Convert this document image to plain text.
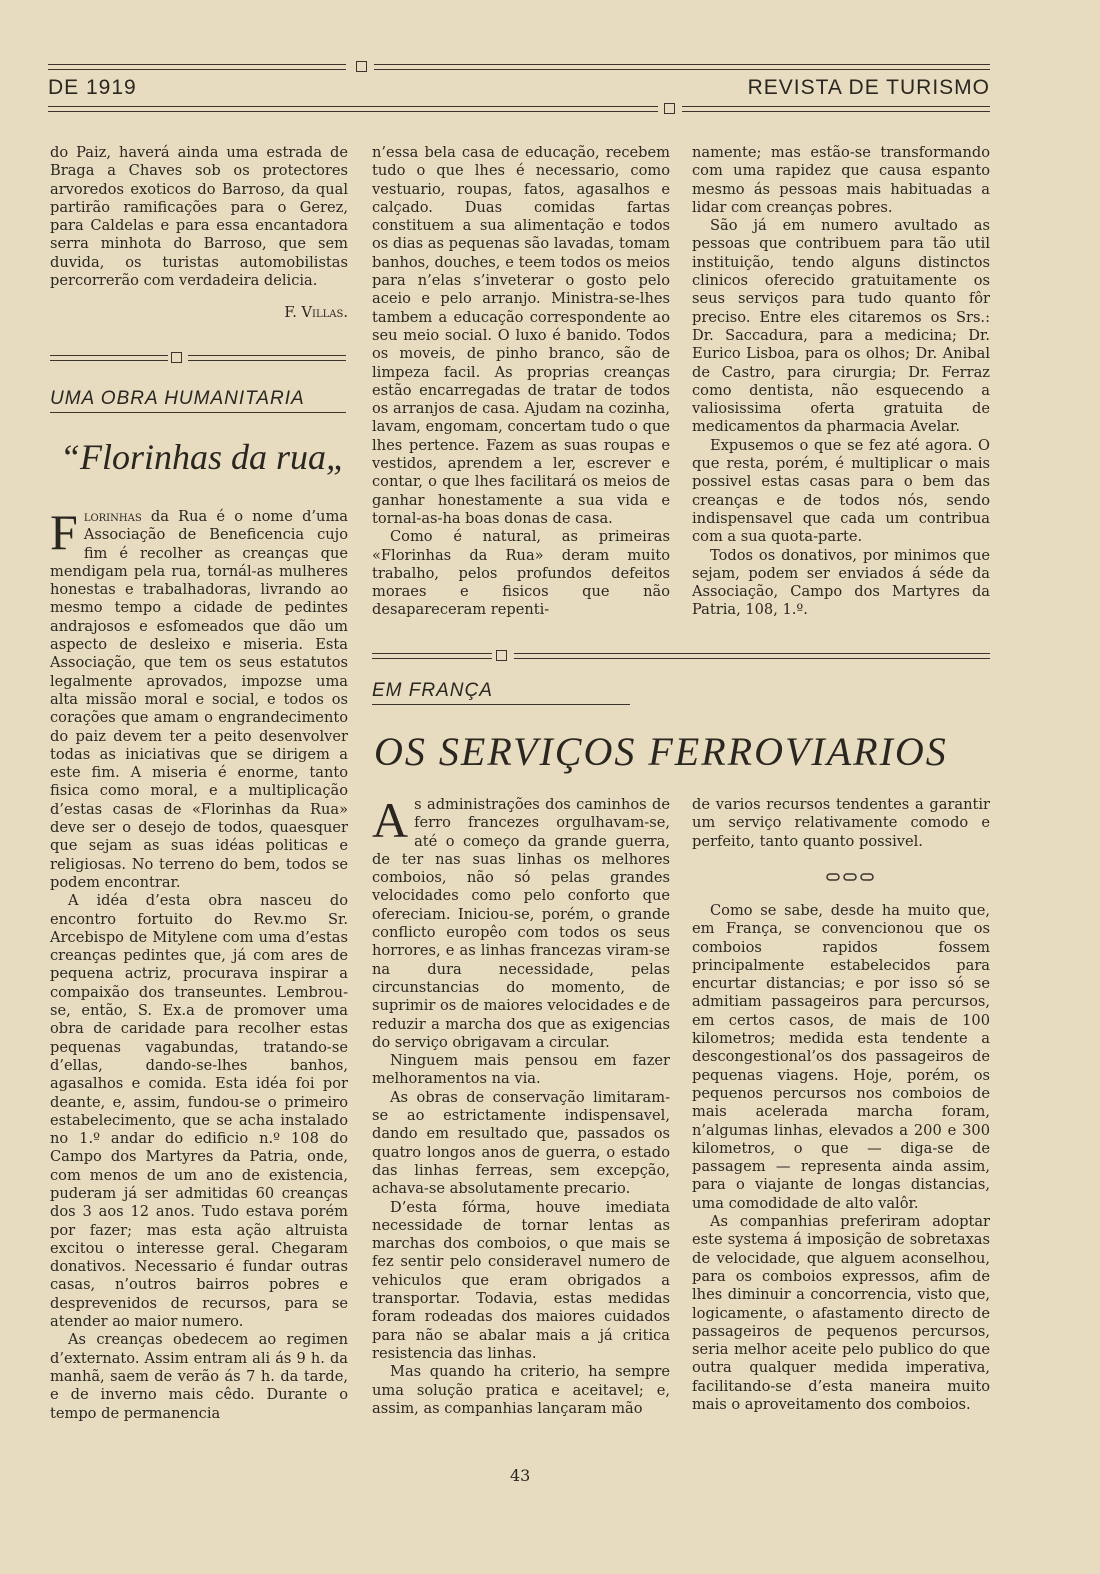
DE 1919	REVISTA DE TURISMO

do Paiz, haverá ainda uma estrada de Braga a Chaves sob os protectores arvoredos exoticos do Barroso, da qual partirão ramificações para o Gerez, para Caldelas e para essa encantadora serra minhota do Barroso, que sem duvida, os turistas automobilistas percorrerão com verdadeira delicia.

F. Villas.

UMA OBRA HUMANITARIA
“Florinhas da rua„

Florinhas da Rua é o nome d’uma Associação de Beneficencia cujo fim é recolher as creanças que mendigam pela rua, tornál-as mulheres honestas e trabalhadoras, livrando ao mesmo tempo a cidade de pedintes andrajosos e esfomeados que dão um aspecto de desleixo e miseria. Esta Associação, que tem os seus estatutos legalmente aprovados, impozse uma alta missão moral e social, e todos os corações que amam o engrandecimento do paiz devem ter a peito desenvolver todas as iniciativas que se dirigem a este fim. A miseria é enorme, tanto fisica como moral, e a multiplicação d’estas casas de «Florinhas da Rua» deve ser o desejo de todos, quaesquer que sejam as suas idéas politicas e religiosas. No terreno do bem, todos se podem encontrar.

A idéa d’esta obra nasceu do encontro fortuito do Rev.mo Sr. Arcebispo de Mitylene com uma d’estas creanças pedintes que, já com ares de pequena actriz, procurava inspirar a compaixão dos transeuntes. Lembrou-se, então, S. Ex.a de promover uma obra de caridade para recolher estas pequenas vagabundas, tratando-se d’ellas, dando-se-lhes banhos, agasalhos e comida. Esta idéa foi por deante, e, assim, fundou-se o primeiro estabelecimento, que se acha instalado no 1.º andar do edificio n.º 108 do Campo dos Martyres da Patria, onde, com menos de um ano de existencia, puderam já ser admitidas 60 creanças dos 3 aos 12 anos. Tudo estava porém por fazer; mas esta ação altruista excitou o interesse geral. Chegaram donativos. Necessario é fundar outras casas, n’outros bairros pobres e desprevenidos de recursos, para se atender ao maior numero.

As creanças obedecem ao regimen d’externato. Assim entram ali ás 9 h. da manhã, saem de verão ás 7 h. da tarde, e de inverno mais cêdo. Durante o tempo de permanencia

n’essa bela casa de educação, recebem tudo o que lhes é necessario, como vestuario, roupas, fatos, agasalhos e calçado. Duas comidas fartas constituem a sua alimentação e todos os dias as pequenas são lavadas, tomam banhos, douches, e teem todos os meios para n’elas s’inveterar o gosto pelo aceio e pelo arranjo. Ministra-se-lhes tambem a educação correspondente ao seu meio social. O luxo é banido. Todos os moveis, de pinho branco, são de limpeza facil. As proprias creanças estão encarregadas de tratar de todos os arranjos de casa. Ajudam na cozinha, lavam, engomam, concertam tudo o que lhes pertence. Fazem as suas roupas e vestidos, aprendem a ler, escrever e contar, o que lhes facilitará os meios de ganhar honestamente a sua vida e tornal-as-ha boas donas de casa.

Como é natural, as primeiras «Florinhas da Rua» deram muito trabalho, pelos profundos defeitos moraes e fisicos que não desapareceram repenti-

namente; mas estão-se transformando com uma rapidez que causa espanto mesmo ás pessoas mais habituadas a lidar com creanças pobres.

São já em numero avultado as pessoas que contribuem para tão util instituição, tendo alguns distinctos clinicos oferecido gratuitamente os seus serviços para tudo quanto fôr preciso. Entre eles citaremos os Srs.: Dr. Saccadura, para a medicina; Dr. Eurico Lisboa, para os olhos; Dr. Anibal de Castro, para cirurgia; Dr. Ferraz como dentista, não esquecendo a valiosissima oferta gratuita de medicamentos da pharmacia Avelar.

Expusemos o que se fez até agora. O que resta, porém, é multiplicar o mais possivel estas casas para o bem das creanças e de todos nós, sendo indispensavel que cada um contribua com a sua quota-parte.

Todos os donativos, por minimos que sejam, podem ser enviados á séde da Associação, Campo dos Martyres da Patria, 108, 1.º.

EM FRANÇA
OS SERVIÇOS FERROVIARIOS

As administrações dos caminhos de ferro francezes orgulhavam-se, até o começo da grande guerra, de ter nas suas linhas os melhores comboios, não só pelas grandes velocidades como pelo conforto que ofereciam. Iniciou-se, porém, o grande conflicto europêo com todos os seus horrores, e as linhas francezas viram-se na dura necessidade, pelas circunstancias do momento, de suprimir os de maiores velocidades e de reduzir a marcha dos que as exigencias do serviço obrigavam a circular.

Ninguem mais pensou em fazer melhoramentos na via.

As obras de conservação limitaram-se ao estrictamente indispensavel, dando em resultado que, passados os quatro longos anos de guerra, o estado das linhas ferreas, sem excepção, achava-se absolutamente precario.

D’esta fórma, houve imediata necessidade de tornar lentas as marchas dos comboios, o que mais se fez sentir pelo consideravel numero de vehiculos que eram obrigados a transportar. Todavia, estas medidas foram rodeadas dos maiores cuidados para não se abalar mais a já critica resistencia das linhas.

Mas quando ha criterio, ha sempre uma solução pratica e aceitavel; e, assim, as companhias lançaram mão

de varios recursos tendentes a garantir um serviço relativamente comodo e perfeito, tanto quanto possivel.

Como se sabe, desde ha muito que, em França, se convencionou que os comboios rapidos fossem principalmente estabelecidos para encurtar distancias; e por isso só se admitiam passageiros para percursos, em certos casos, de mais de 100 kilometros; medida esta tendente a descongestional’os dos passageiros de pequenas viagens. Hoje, porém, os pequenos percursos nos comboios de mais acelerada marcha foram, n’algumas linhas, elevados a 200 e 300 kilometros, o que — diga-se de passagem — representa ainda assim, para o viajante de longas distancias, uma comodidade de alto valôr.

As companhias preferiram adoptar este systema á imposição de sobretaxas de velocidade, que alguem aconselhou, para os comboios expressos, afim de lhes diminuir a concorrencia, visto que, logicamente, o afastamento directo de passageiros de pequenos percursos, seria melhor aceite pelo publico do que outra qualquer medida imperativa, facilitando-se d’esta maneira muito mais o aproveitamento dos comboios.

43
